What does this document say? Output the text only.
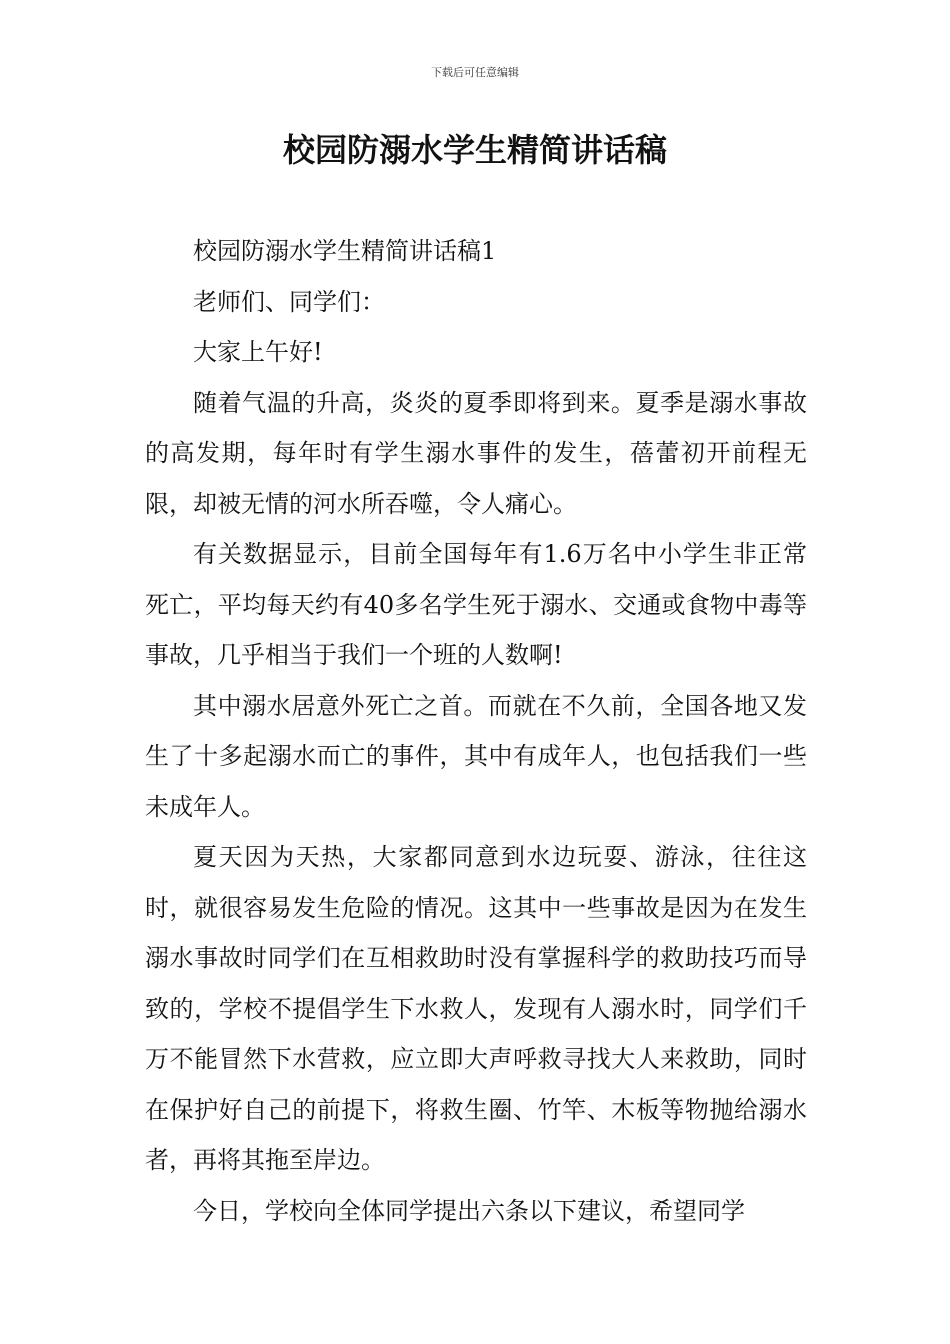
下载后可任意编辑
校园防溺水学生精简讲话稿

校园防溺水学生精简讲话稿1

老师们、同学们：

大家上午好!

随着气温的升高，炎炎的夏季即将到来。夏季是溺水事故的高发期，每年时有学生溺水事件的发生，蓓蕾初开前程无限，却被无情的河水所吞噬，令人痛心。

有关数据显示，目前全国每年有1.6万名中小学生非正常死亡，平均每天约有40多名学生死于溺水、交通或食物中毒等事故，几乎相当于我们一个班的人数啊!

其中溺水居意外死亡之首。而就在不久前，全国各地又发生了十多起溺水而亡的事件，其中有成年人，也包括我们一些未成年人。

夏天因为天热，大家都同意到水边玩耍、游泳，往往这时，就很容易发生危险的情况。这其中一些事故是因为在发生溺水事故时同学们在互相救助时没有掌握科学的救助技巧而导致的，学校不提倡学生下水救人，发现有人溺水时，同学们千万不能冒然下水营救，应立即大声呼救寻找大人来救助，同时在保护好自己的前提下，将救生圈、竹竿、木板等物抛给溺水者，再将其拖至岸边。

今日，学校向全体同学提出六条以下建议，希望同学
